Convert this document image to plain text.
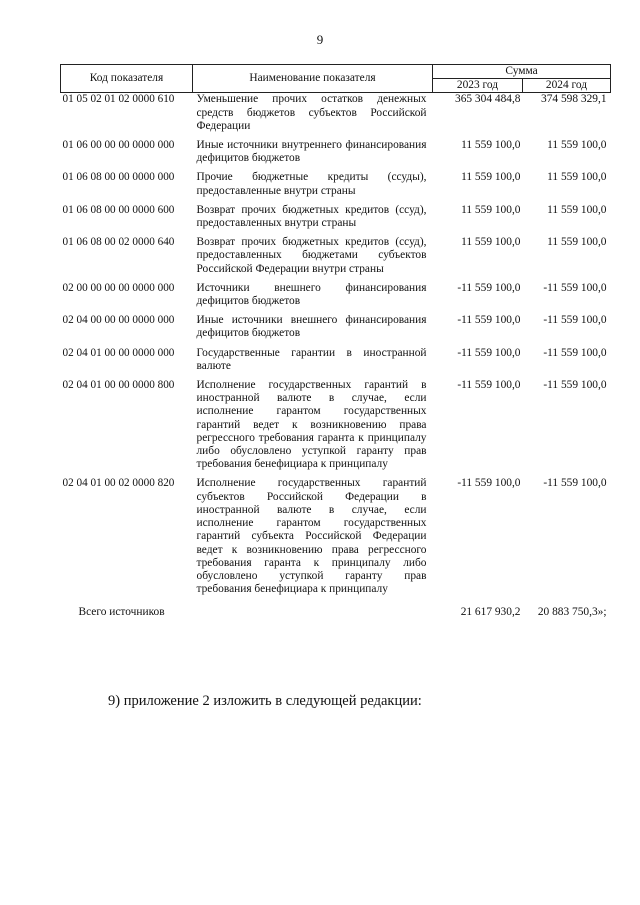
9
Код показателя	Наименование показателя	Сумма	
		2023 год	2024 год
01 05 02 01 02 0000 610	Уменьшение прочих остатков денежных средств бюджетов субъектов Российской Федерации	365 304 484,8	374 598 329,1
01 06 00 00 00 0000 000	Иные источники внутреннего финансирования дефицитов бюджетов	11 559 100,0	11 559 100,0
01 06 08 00 00 0000 000	Прочие бюджетные кредиты (ссуды), предоставленные внутри страны	11 559 100,0	11 559 100,0
01 06 08 00 00 0000 600	Возврат прочих бюджетных кредитов (ссуд), предоставленных внутри страны	11 559 100,0	11 559 100,0
01 06 08 00 02 0000 640	Возврат прочих бюджетных кредитов (ссуд), предоставленных бюджетами субъектов Российской Федерации внутри страны	11 559 100,0	11 559 100,0
02 00 00 00 00 0000 000	Источники внешнего финансирования дефицитов бюджетов	-11 559 100,0	-11 559 100,0
02 04 00 00 00 0000 000	Иные источники внешнего финансирования дефицитов бюджетов	-11 559 100,0	-11 559 100,0
02 04 01 00 00 0000 000	Государственные гарантии в иностранной валюте	-11 559 100,0	-11 559 100,0
02 04 01 00 00 0000 800	Исполнение государственных гарантий в иностранной валюте в случае, если исполнение гарантом государственных гарантий ведет к возникновению права регрессного требования гаранта к принципалу либо обусловлено уступкой гаранту прав требования бенефициара к принципалу	-11 559 100,0	-11 559 100,0
02 04 01 00 02 0000 820	Исполнение государственных гарантий субъектов Российской Федерации в иностранной валюте в случае, если исполнение гарантом государственных гарантий субъекта Российской Федерации ведет к возникновению права регрессного требования гаранта к принципалу либо обусловлено уступкой гаранту прав требования бенефициара к принципалу	-11 559 100,0	-11 559 100,0
Всего источников		21 617 930,2	20 883 750,3»;
9) приложение 2 изложить в следующей редакции:
